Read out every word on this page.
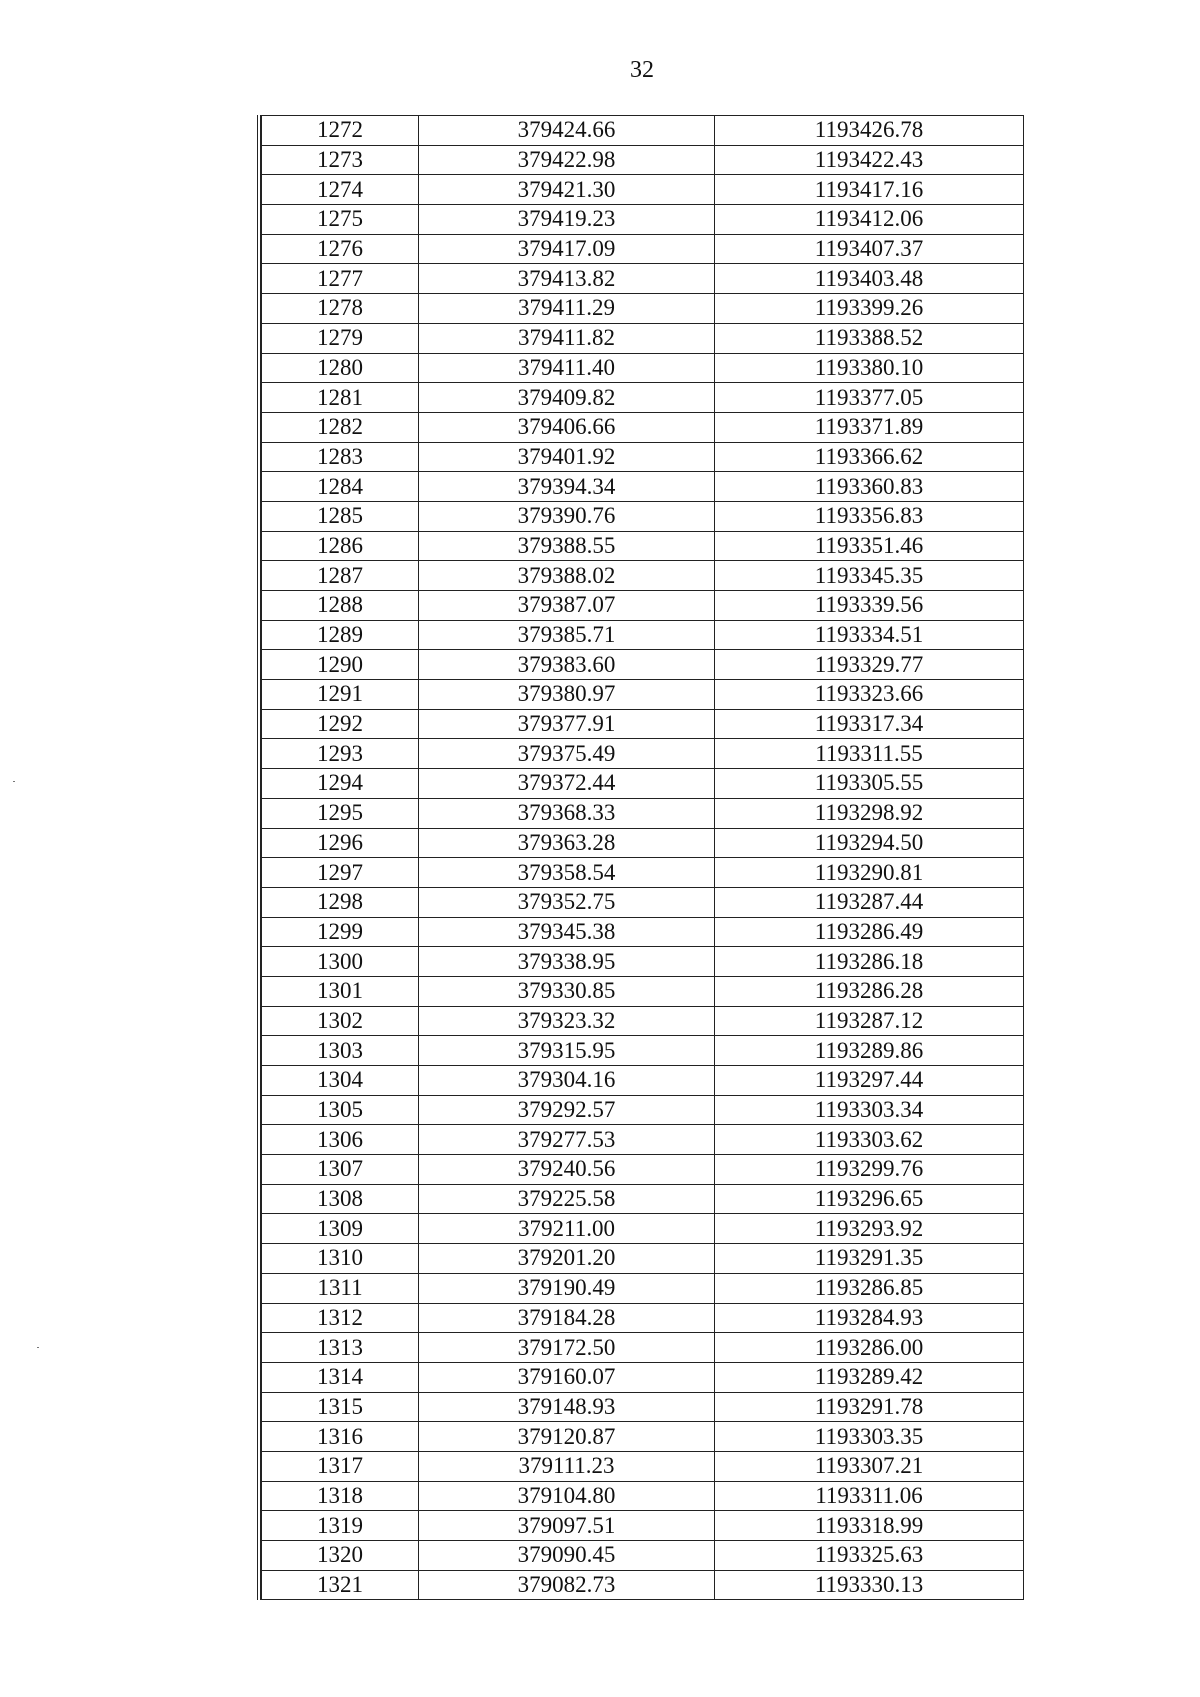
32
1272	379424.66	1193426.78
1273	379422.98	1193422.43
1274	379421.30	1193417.16
1275	379419.23	1193412.06
1276	379417.09	1193407.37
1277	379413.82	1193403.48
1278	379411.29	1193399.26
1279	379411.82	1193388.52
1280	379411.40	1193380.10
1281	379409.82	1193377.05
1282	379406.66	1193371.89
1283	379401.92	1193366.62
1284	379394.34	1193360.83
1285	379390.76	1193356.83
1286	379388.55	1193351.46
1287	379388.02	1193345.35
1288	379387.07	1193339.56
1289	379385.71	1193334.51
1290	379383.60	1193329.77
1291	379380.97	1193323.66
1292	379377.91	1193317.34
1293	379375.49	1193311.55
1294	379372.44	1193305.55
1295	379368.33	1193298.92
1296	379363.28	1193294.50
1297	379358.54	1193290.81
1298	379352.75	1193287.44
1299	379345.38	1193286.49
1300	379338.95	1193286.18
1301	379330.85	1193286.28
1302	379323.32	1193287.12
1303	379315.95	1193289.86
1304	379304.16	1193297.44
1305	379292.57	1193303.34
1306	379277.53	1193303.62
1307	379240.56	1193299.76
1308	379225.58	1193296.65
1309	379211.00	1193293.92
1310	379201.20	1193291.35
1311	379190.49	1193286.85
1312	379184.28	1193284.93
1313	379172.50	1193286.00
1314	379160.07	1193289.42
1315	379148.93	1193291.78
1316	379120.87	1193303.35
1317	379111.23	1193307.21
1318	379104.80	1193311.06
1319	379097.51	1193318.99
1320	379090.45	1193325.63
1321	379082.73	1193330.13
